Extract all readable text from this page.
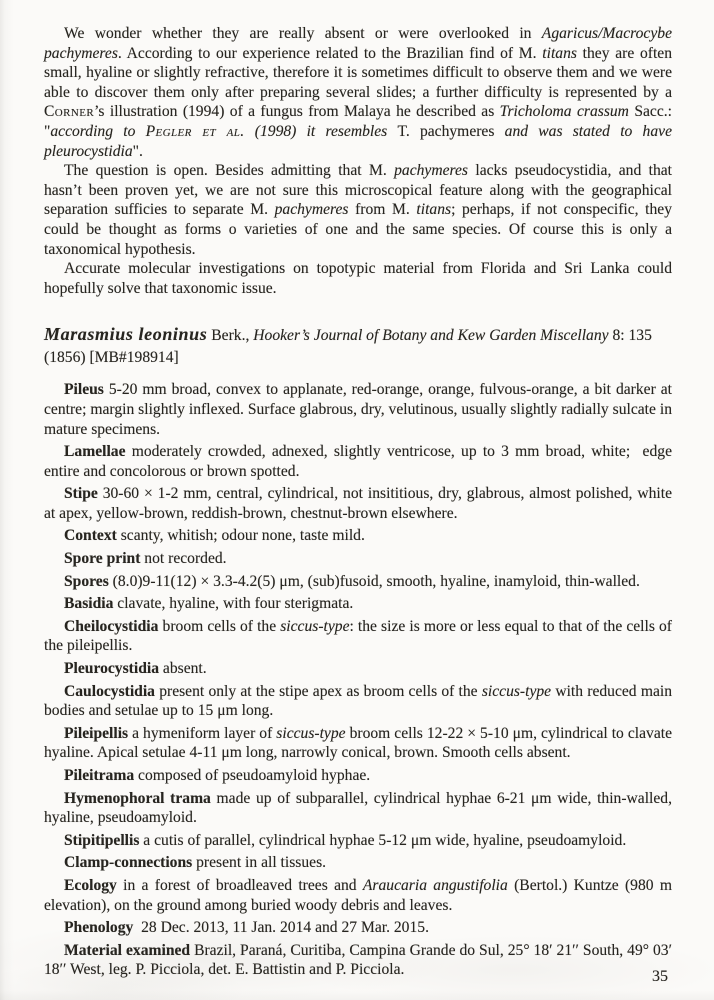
We wonder whether they are really absent or were overlooked in Agaricus/Macrocybe pachymeres. According to our experience related to the Brazilian find of M. titans they are often small, hyaline or slightly refractive, therefore it is sometimes difficult to observe them and we were able to discover them only after preparing several slides; a further difficulty is represented by a Corner’s illustration (1994) of a fungus from Malaya he described as Tricholoma crassum Sacc.: "according to Pegler et al. (1998) it resembles T. pachymeres and was stated to have pleurocystidia".

The question is open. Besides admitting that M. pachymeres lacks pseudocystidia, and that hasn’t been proven yet, we are not sure this microscopical feature along with the geographical separation sufficies to separate M. pachymeres from M. titans; perhaps, if not conspecific, they could be thought as forms o varieties of one and the same species. Of course this is only a taxonomical hypothesis.

Accurate molecular investigations on topotypic material from Florida and Sri Lanka could hopefully solve that taxonomic issue.

Marasmius leoninus Berk., Hooker’s Journal of Botany and Kew Garden Miscellany 8: 135 (1856) [MB#198914]

Pileus 5-20 mm broad, convex to applanate, red-orange, orange, fulvous-orange, a bit darker at centre; margin slightly inflexed. Surface glabrous, dry, velutinous, usually slightly radially sulcate in mature specimens.

Lamellae moderately crowded, adnexed, slightly ventricose, up to 3 mm broad, white;  edge entire and concolorous or brown spotted.

Stipe 30-60 × 1-2 mm, central, cylindrical, not insititious, dry, glabrous, almost polished, white at apex, yellow-brown, reddish-brown, chestnut-brown elsewhere.

Context scanty, whitish; odour none, taste mild.

Spore print not recorded.

Spores (8.0)9-11(12) × 3.3-4.2(5) μm, (sub)fusoid, smooth, hyaline, inamyloid, thin-walled.

Basidia clavate, hyaline, with four sterigmata.

Cheilocystidia broom cells of the siccus-type: the size is more or less equal to that of the cells of the pileipellis.

Pleurocystidia absent.

Caulocystidia present only at the stipe apex as broom cells of the siccus-type with reduced main bodies and setulae up to 15 μm long.

Pileipellis a hymeniform layer of siccus-type broom cells 12-22 × 5-10 μm, cylindrical to clavate hyaline. Apical setulae 4-11 μm long, narrowly conical, brown. Smooth cells absent.

Pileitrama composed of pseudoamyloid hyphae.

Hymenophoral trama made up of subparallel, cylindrical hyphae 6-21 μm wide, thin-walled, hyaline, pseudoamyloid.

Stipitipellis a cutis of parallel, cylindrical hyphae 5-12 μm wide, hyaline, pseudoamyloid.

Clamp-connections present in all tissues.

Ecology in a forest of broadleaved trees and Araucaria angustifolia (Bertol.) Kuntze (980 m elevation), on the ground among buried woody debris and leaves.

Phenology  28 Dec. 2013, 11 Jan. 2014 and 27 Mar. 2015.

Material examined Brazil, Paraná, Curitiba, Campina Grande do Sul, 25° 18′ 21′′ South, 49° 03′ 18′′ West, leg. P. Picciola, det. E. Battistin and P. Picciola.	35
